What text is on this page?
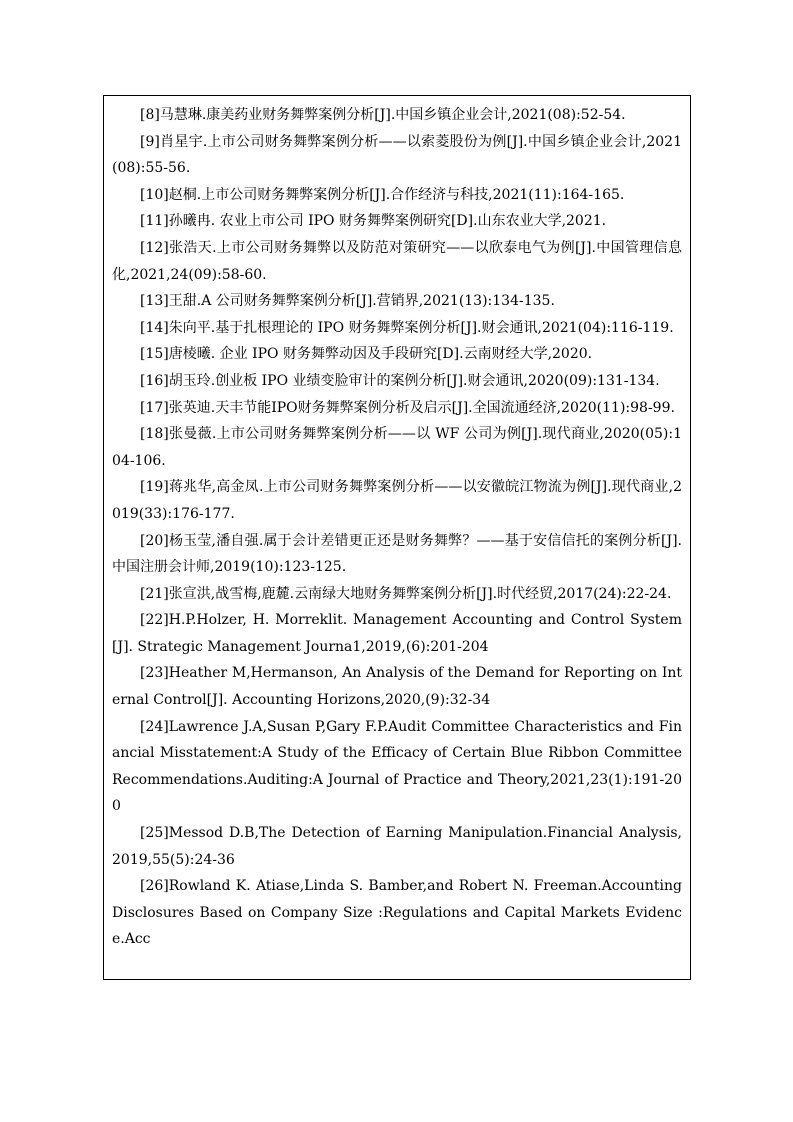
[8]马慧琳.康美药业财务舞弊案例分析[J].中国乡镇企业会计,2021(08):52-54.
[9]肖星宇.上市公司财务舞弊案例分析——以索菱股份为例[J].中国乡镇企业会计,2021(08):55-56.
[10]赵桐.上市公司财务舞弊案例分析[J].合作经济与科技,2021(11):164-165.
[11]孙曦冉. 农业上市公司 IPO 财务舞弊案例研究[D].山东农业大学,2021.
[12]张浩天.上市公司财务舞弊以及防范对策研究——以欣泰电气为例[J].中国管理信息化,2021,24(09):58-60.
[13]王甜.A 公司财务舞弊案例分析[J].营销界,2021(13):134-135.
[14]朱向平.基于扎根理论的 IPO 财务舞弊案例分析[J].财会通讯,2021(04):116-119.
[15]唐棱曦. 企业 IPO 财务舞弊动因及手段研究[D].云南财经大学,2020.
[16]胡玉玲.创业板 IPO 业绩变脸审计的案例分析[J].财会通讯,2020(09):131-134.
[17]张英迪.天丰节能IPO财务舞弊案例分析及启示[J].全国流通经济,2020(11):98-99.
[18]张曼薇.上市公司财务舞弊案例分析——以 WF 公司为例[J].现代商业,2020(05):104-106.
[19]蒋兆华,高金凤.上市公司财务舞弊案例分析——以安徽皖江物流为例[J].现代商业,2019(33):176-177.
[20]杨玉莹,潘自强.属于会计差错更正还是财务舞弊？——基于安信信托的案例分析[J].中国注册会计师,2019(10):123-125.
[21]张宣洪,战雪梅,鹿麓.云南绿大地财务舞弊案例分析[J].时代经贸,2017(24):22-24.
[22]H.P.Holzer, H. Morreklit. Management Accounting and Control System[J]. Strategic Management Journa1,2019,(6):201-204
[23]Heather M,Hermanson, An Analysis of the Demand for Reporting on Internal Control[J]. Accounting Horizons,2020,(9):32-34
[24]Lawrence J.A,Susan P,Gary F.P.Audit Committee Characteristics and Financial Misstatement:A Study of the Efficacy of Certain Blue Ribbon Committee Recommendations.Auditing:A Journal of Practice and Theory,2021,23(1):191-200
[25]Messod D.B,The Detection of Earning Manipulation.Financial Analysis,2019,55(5):24-36
[26]Rowland K. Atiase,Linda S. Bamber,and Robert N. Freeman.Accounting Disclosures Based on Company Size :Regulations and Capital Markets Evidence.Acc
